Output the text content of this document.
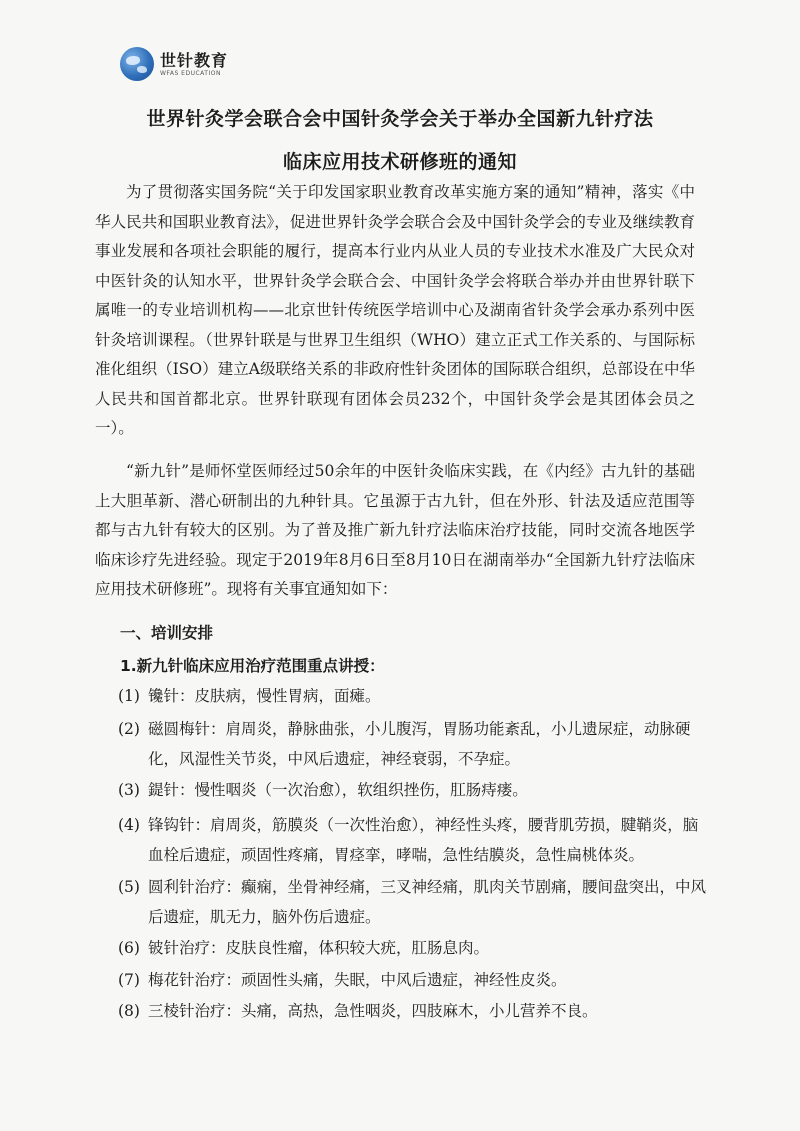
世针教育
WFAS EDUCATION
世界针灸学会联合会中国针灸学会关于举办全国新九针疗法
临床应用技术研修班的通知

为了贯彻落实国务院“关于印发国家职业教育改革实施方案的通知”精神，落实《中华人民共和国职业教育法》，促进世界针灸学会联合会及中国针灸学会的专业及继续教育事业发展和各项社会职能的履行，提高本行业内从业人员的专业技术水准及广大民众对中医针灸的认知水平，世界针灸学会联合会、中国针灸学会将联合举办并由世界针联下属唯一的专业培训机构——北京世针传统医学培训中心及湖南省针灸学会承办系列中医针灸培训课程。（世界针联是与世界卫生组织（WHO）建立正式工作关系的、与国际标准化组织（ISO）建立A级联络关系的非政府性针灸团体的国际联合组织，总部设在中华人民共和国首都北京。世界针联现有团体会员232个，中国针灸学会是其团体会员之一）。

“新九针”是师怀堂医师经过50余年的中医针灸临床实践，在《内经》古九针的基础上大胆革新、潜心研制出的九种针具。它虽源于古九针，但在外形、针法及适应范围等都与古九针有较大的区别。为了普及推广新九针疗法临床治疗技能，同时交流各地医学临床诊疗先进经验。现定于2019年8月6日至8月10日在湖南举办“全国新九针疗法临床应用技术研修班”。现将有关事宜通知如下：

一、培训安排
1.新九针临床应用治疗范围重点讲授：
(1) 镵针：皮肤病，慢性胃病，面瘫。
(2) 磁圆梅针：肩周炎，静脉曲张，小儿腹泻，胃肠功能紊乱，小儿遗尿症，动脉硬化，风湿性关节炎，中风后遗症，神经衰弱，不孕症。
(3) 鍉针：慢性咽炎（一次治愈），软组织挫伤，肛肠痔瘘。
(4) 锋钩针：肩周炎，筋膜炎（一次性治愈），神经性头疼，腰背肌劳损，腱鞘炎，脑血栓后遗症，顽固性疼痛，胃痉挛，哮喘，急性结膜炎，急性扁桃体炎。
(5) 圆利针治疗：癫痫，坐骨神经痛，三叉神经痛，肌肉关节剧痛，腰间盘突出，中风后遗症，肌无力，脑外伤后遗症。
(6) 铍针治疗：皮肤良性瘤，体积较大疣，肛肠息肉。
(7) 梅花针治疗：顽固性头痛，失眠，中风后遗症，神经性皮炎。
(8) 三棱针治疗：头痛，高热，急性咽炎，四肢麻木，小儿营养不良。
